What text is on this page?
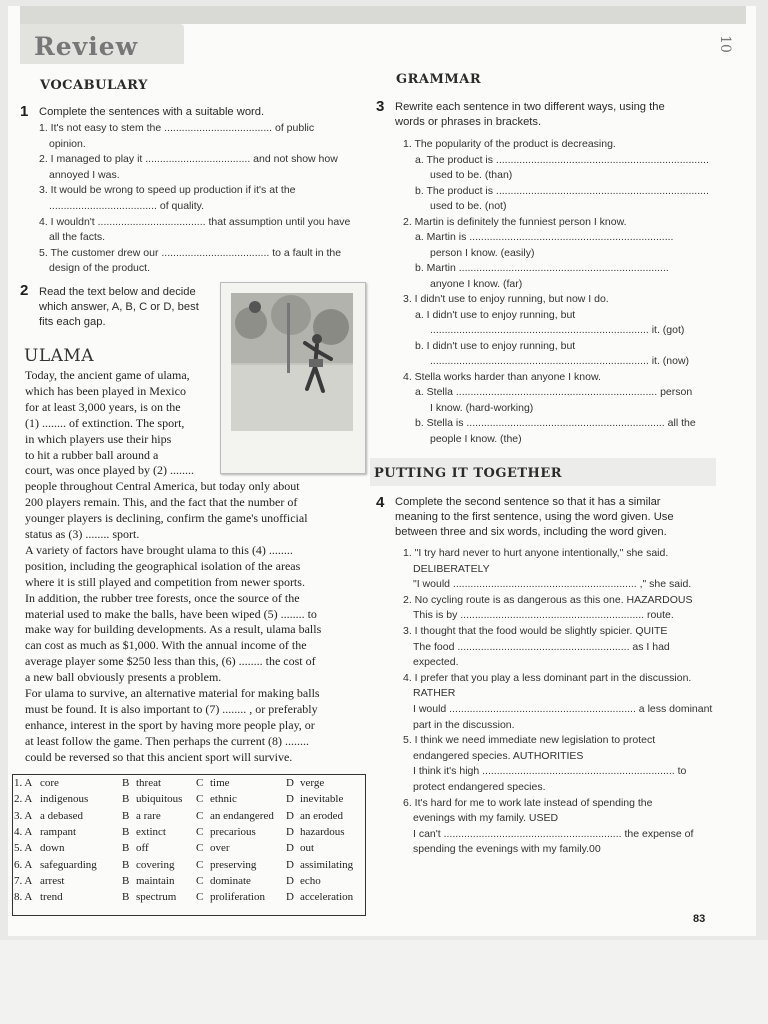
Review	10
VOCABULARY
1 Complete the sentences with a suitable word.
1. It's not easy to stem the ..................................... of public
opinion.
2. I managed to play it .................................... and not show how
annoyed I was.
3. It would be wrong to speed up production if it's at the
..................................... of quality.
4. I wouldn't ..................................... that assumption until you have
all the facts.
5. The customer drew our ..................................... to a fault in the
design of the product.
2 Read the text below and decide
which answer, A, B, C or D, best
fits each gap.
ULAMA
Today, the ancient game of ulama,
which has been played in Mexico
for at least 3,000 years, is on the
(1) ........ of extinction. The sport,
in which players use their hips
to hit a rubber ball around a
court, was once played by (2) ........
people throughout Central America, but today only about
200 players remain. This, and the fact that the number of
younger players is declining, confirm the game's unofficial
status as (3) ........ sport.
A variety of factors have brought ulama to this (4) ........
position, including the geographical isolation of the areas
where it is still played and competition from newer sports.
In addition, the rubber tree forests, once the source of the
material used to make the balls, have been wiped (5) ........ to
make way for building developments. As a result, ulama balls
can cost as much as $1,000. With the annual income of the
average player some $250 less than this, (6) ........ the cost of
a new ball obviously presents a problem.
For ulama to survive, an alternative material for making balls
must be found. It is also important to (7) ........ , or preferably
enhance, interest in the sport by having more people play, or
at least follow the game. Then perhaps the current (8) ........
could be reversed so that this ancient sport will survive.
1. A core	B threat	C time	D verge
2. A indigenous	B ubiquitous C ethnic	D inevitable
3. A a debased	B a rare	C an endangered D an eroded
4. A rampant	B extinct	C precarious	D hazardous
5. A down	B off	C over	D out
6. A safeguarding B covering C preserving	D assimilating
7. A arrest	B maintain C dominate	D echo
8. A trend	B spectrum C proliferation D acceleration
GRAMMAR
3 Rewrite each sentence in two different ways, using the
words or phrases in brackets.
1. The popularity of the product is decreasing.
a. The product is .........................................................................
used to be. (than)
b. The product is .........................................................................
used to be. (not)
2. Martin is definitely the funniest person I know.
a. Martin is ......................................................................
person I know. (easily)
b. Martin ........................................................................
anyone I know. (far)
3. I didn't use to enjoy running, but now I do.
a. I didn't use to enjoy running, but
........................................................................... it. (got)
b. I didn't use to enjoy running, but
........................................................................... it. (now)
4. Stella works harder than anyone I know.
a. Stella ..................................................................... person
I know. (hard-working)
b. Stella is .................................................................... all the
people I know. (the)
PUTTING IT TOGETHER
4 Complete the second sentence so that it has a similar
meaning to the first sentence, using the word given. Use
between three and six words, including the word given.
1. "I try hard never to hurt anyone intentionally," she said.
DELIBERATELY
"I would ............................................................... ," she said.
2. No cycling route is as dangerous as this one. HAZARDOUS
This is by ............................................................... route.
3. I thought that the food would be slightly spicier. QUITE
The food ........................................................... as I had
expected.
4. I prefer that you play a less dominant part in the discussion.
RATHER
I would ................................................................ a less dominant
part in the discussion.
5. I think we need immediate new legislation to protect
endangered species. AUTHORITIES
I think it's high .................................................................. to
protect endangered species.
6. It's hard for me to work late instead of spending the
evenings with my family. USED
I can't ............................................................. the expense of
spending the evenings with my family.00
83
